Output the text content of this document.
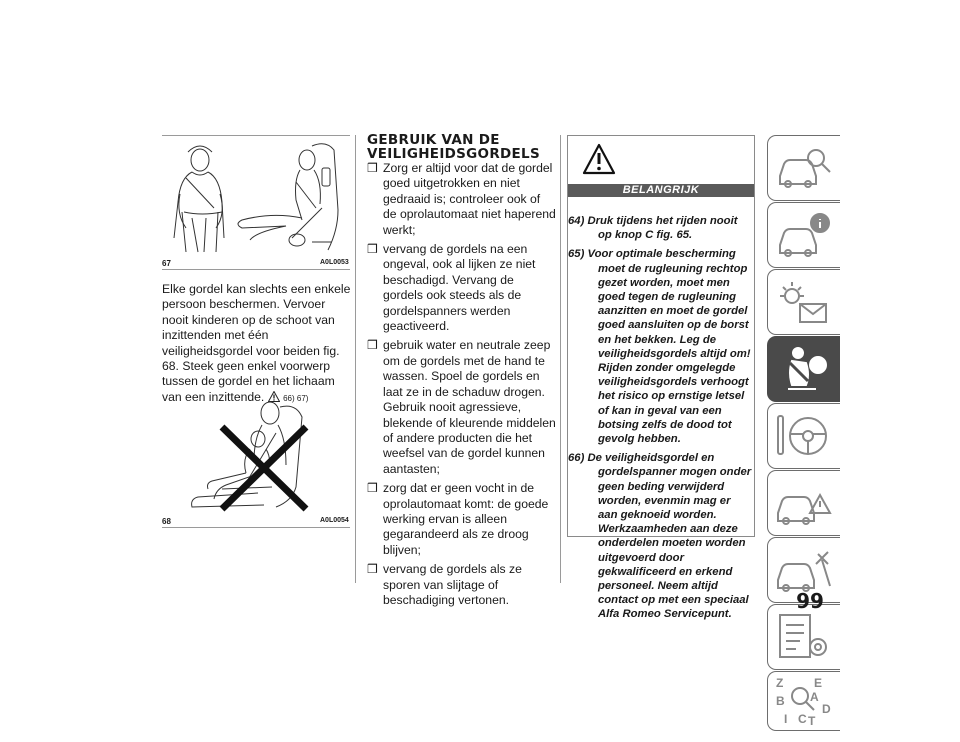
67	A0L0053
Elke gordel kan slechts een enkele persoon beschermen. Vervoer nooit kinderen op de schoot van inzittenden met één veiligheidsgordel voor beiden fig. 68. Steek geen enkel voorwerp tussen de gordel en het lichaam van een inzittende. 66) 67)
68	A0L0054
GEBRUIK VAN DE
VEILIGHEIDSGORDELS
❒ Zorg er altijd voor dat de gordel goed uitgetrokken en niet gedraaid is; controleer ook of de oprolautomaat niet haperend werkt;
❒ vervang de gordels na een ongeval, ook al lijken ze niet beschadigd. Vervang de gordels ook steeds als de gordelspanners werden geactiveerd.
❒ gebruik water en neutrale zeep om de gordels met de hand te wassen. Spoel de gordels en laat ze in de schaduw drogen. Gebruik nooit agressieve, blekende of kleurende middelen of andere producten die het weefsel van de gordel kunnen aantasten;
❒ zorg dat er geen vocht in de oprolautomaat komt: de goede werking ervan is alleen gegarandeerd als ze droog blijven;
❒ vervang de gordels als ze sporen van slijtage of beschadiging vertonen.
BELANGRIJK
64) Druk tijdens het rijden nooit op knop C fig. 65.
65) Voor optimale bescherming moet de rugleuning rechtop gezet worden, moet men goed tegen de rugleuning aanzitten en moet de gordel goed aansluiten op de borst en het bekken. Leg de veiligheidsgordels altijd om! Rijden zonder omgelegde veiligheidsgordels verhoogt het risico op ernstige letsel of kan in geval van een botsing zelfs de dood tot gevolg hebben.
66) De veiligheidsgordel en gordelspanner mogen onder geen beding verwijderd worden, evenmin mag er aan geknoeid worden. Werkzaamheden aan deze onderdelen moeten worden uitgevoerd door gekwalificeerd en erkend personeel. Neem altijd contact op met een speciaal Alfa Romeo Servicepunt.
Z	E
B A
I C T
D
99
